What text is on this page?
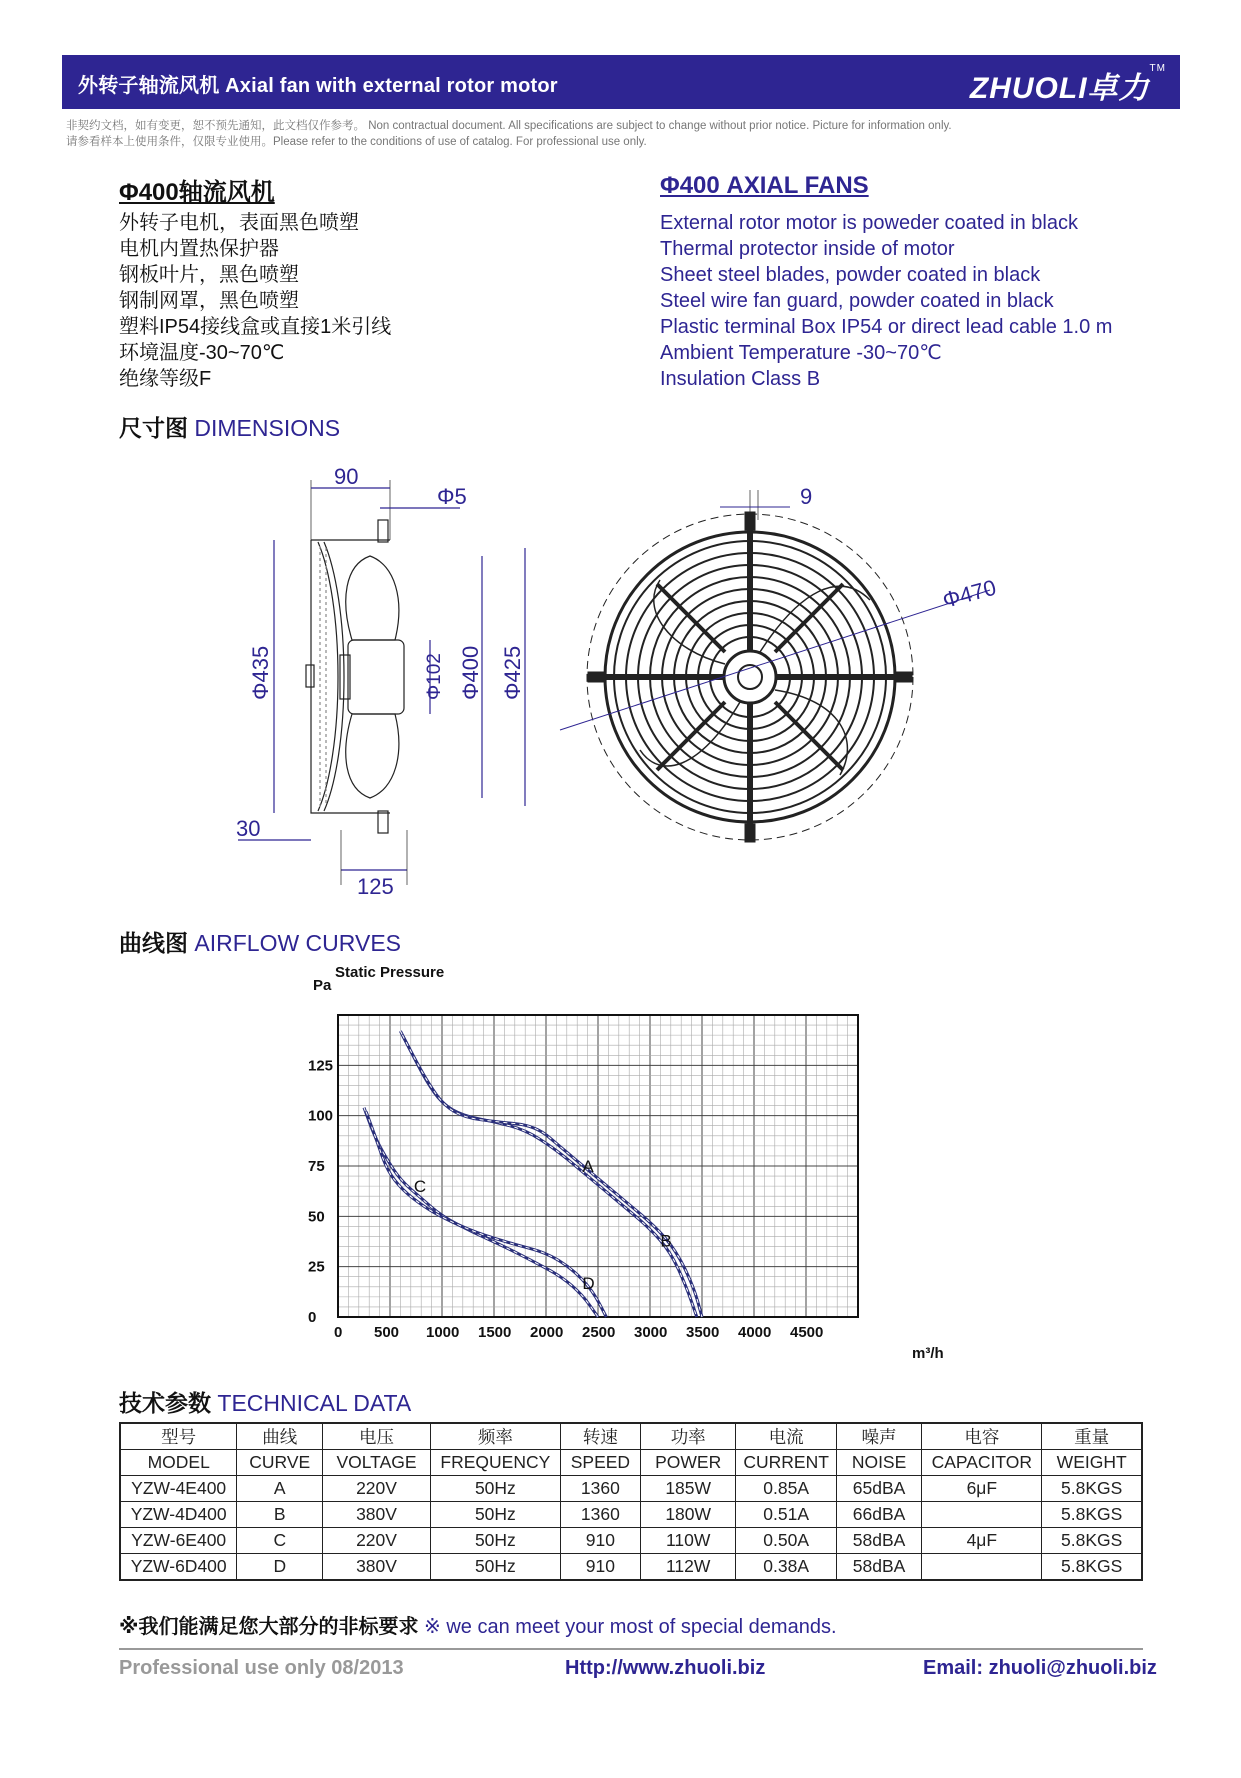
外转子轴流风机 Axial fan with external rotor motor	ZHUOLI卓力™
非契约文档，如有变更，恕不预先通知，此文档仅作参考。 Non contractual document. All specifications are subject to change without prior notice. Picture for information only.
请参看样本上使用条件，仅限专业使用。Please refer to the conditions of use of catalog. For professional use only.
Φ400轴流风机	Φ400 AXIAL FANS
外转子电机，表面黑色喷塑
电机内置热保护器
钢板叶片，黑色喷塑
钢制网罩，黑色喷塑
塑料IP54接线盒或直接1米引线
环境温度-30~70℃
绝缘等级F
External rotor motor is poweder coated in black
Thermal protector inside of motor
Sheet steel blades, powder coated in black
Steel wire fan guard, powder coated in black
Plastic terminal Box IP54 or direct lead cable 1.0 m
Ambient Temperature -30~70℃
Insulation Class B
尺寸图 DIMENSIONS
90
Φ5
Φ435	Φ102 Φ400 Φ425
30
125
9
Φ470
曲线图 AIRFLOW CURVES
A
B
C
D
0 500 1000 1500 2000 2500 3000 3500 4000 4500
0
25
50
75
100
125
Static Pressure
Pa
m³/h
技术参数 TECHNICAL DATA
型号	曲线	电压	频率	转速	功率	电流	噪声	电容	重量
MODEL	CURVE	VOLTAGE	FREQUENCY	SPEED	POWER	CURRENT	NOISE	CAPACITOR	WEIGHT
YZW-4E400	A	220V	50Hz	1360	185W	0.85A	65dBA	6μF	5.8KGS
YZW-4D400	B	380V	50Hz	1360	180W	0.51A	66dBA		5.8KGS
YZW-6E400	C	220V	50Hz	910	110W	0.50A	58dBA	4μF	5.8KGS
YZW-6D400	D	380V	50Hz	910	112W	0.38A	58dBA		5.8KGS
※我们能满足您大部分的非标要求 ※ we can meet your most of special demands.
Professional use only 08/2013	Http://www.zhuoli.biz	Email: zhuoli@zhuoli.biz
